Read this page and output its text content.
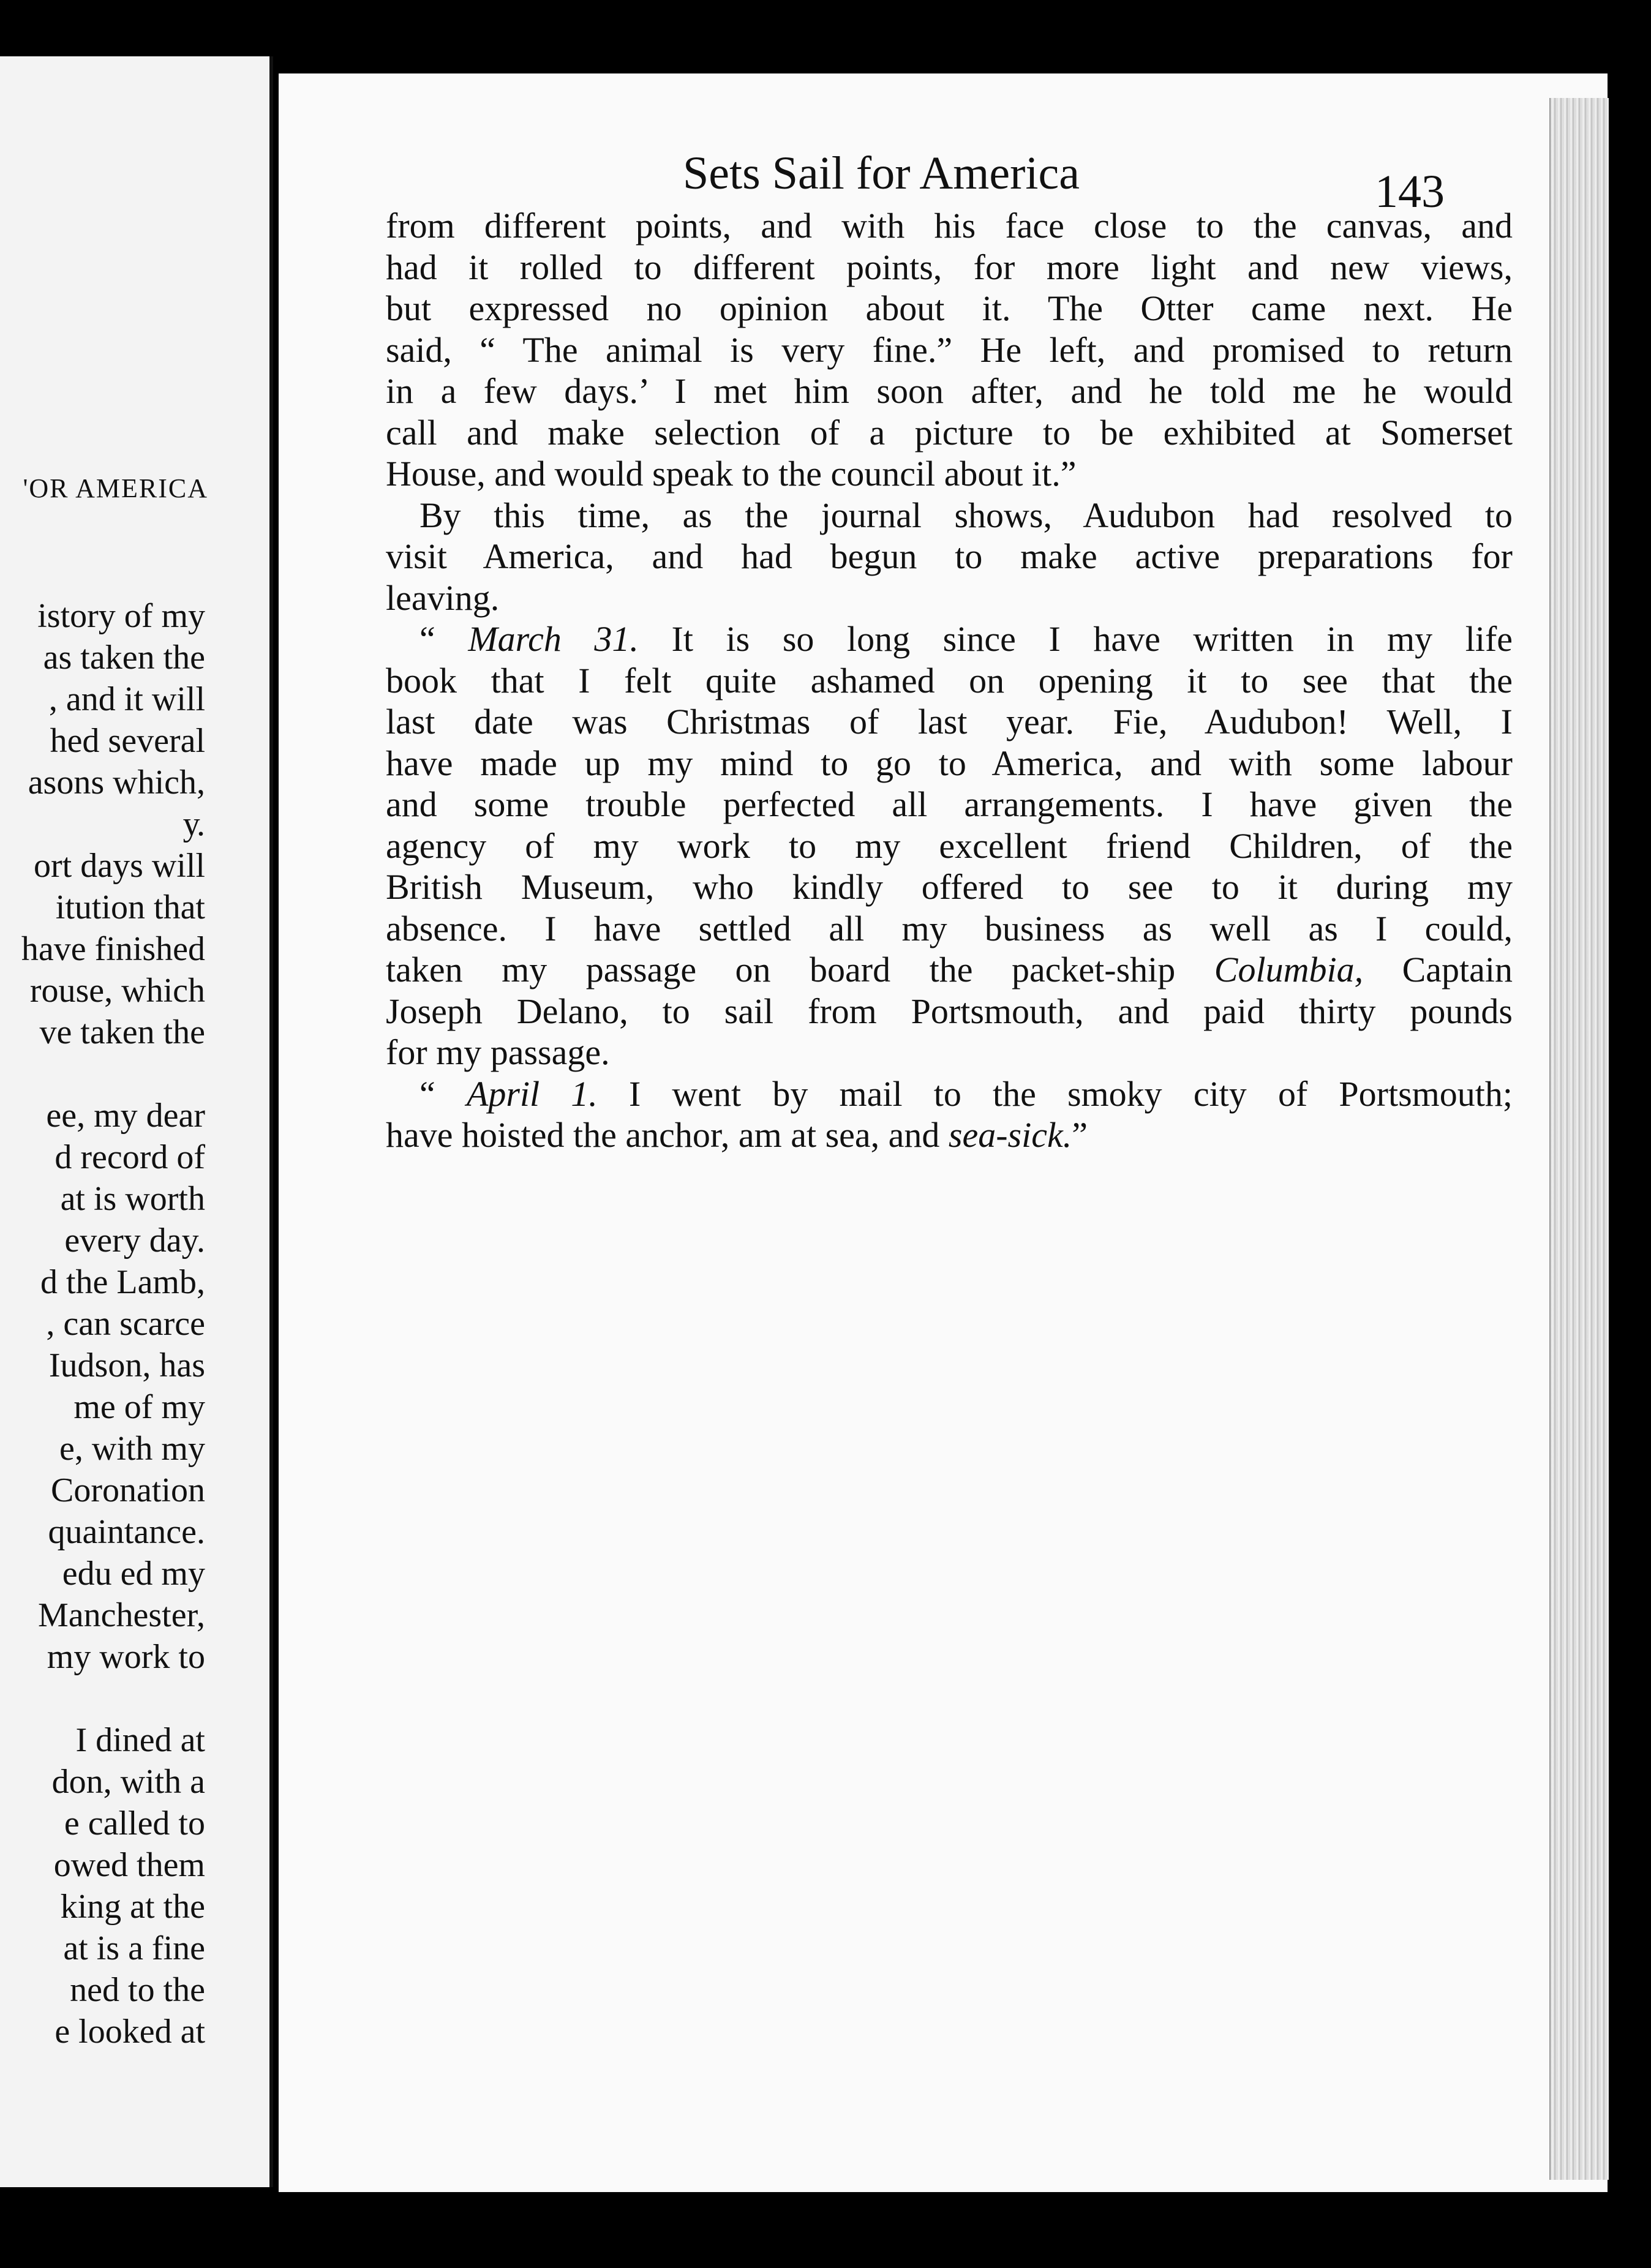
'OR AMERICA
istory of my
as taken the
, and it will
hed several
asons which,
у.
ort days will
itution that
have finished
rouse, which
ve taken the
ee, my dear
d record of
at is worth
every day.
d the Lamb,
, can scarce
Iudson, has
me of my
e, with my
Coronation
quaintance.
edu ed my
Manchester,
my work to
I dined at
don, with a
e called to
owed them
king at the
at is a fine
ned to the
e looked at
Sets Sail for America	143
from different points, and with his face close to the canvas, and
had it rolled to different points, for more light and new views,
but expressed no opinion about it. The Otter came next. He
said, “ The animal is very fine.” He left, and promised to return
in a few days.’ I met him soon after, and he told me he would
call and make selection of a picture to be exhibited at Somerset
House, and would speak to the council about it.”
By this time, as the journal shows, Audubon had resolved to
visit America, and had begun to make active preparations for
leaving.
“ March 31. It is so long since I have written in my life
book that I felt quite ashamed on opening it to see that the
last date was Christmas of last year. Fie, Audubon! Well, I
have made up my mind to go to America, and with some labour
and some trouble perfected all arrangements. I have given the
agency of my work to my excellent friend Children, of the
British Museum, who kindly offered to see to it during my
absence. I have settled all my business as well as I could,
taken my passage on board the packet-ship Columbia, Captain
Joseph Delano, to sail from Portsmouth, and paid thirty pounds
for my passage.
“ April 1. I went by mail to the smoky city of Portsmouth;
have hoisted the anchor, am at sea, and sea-sick.”
